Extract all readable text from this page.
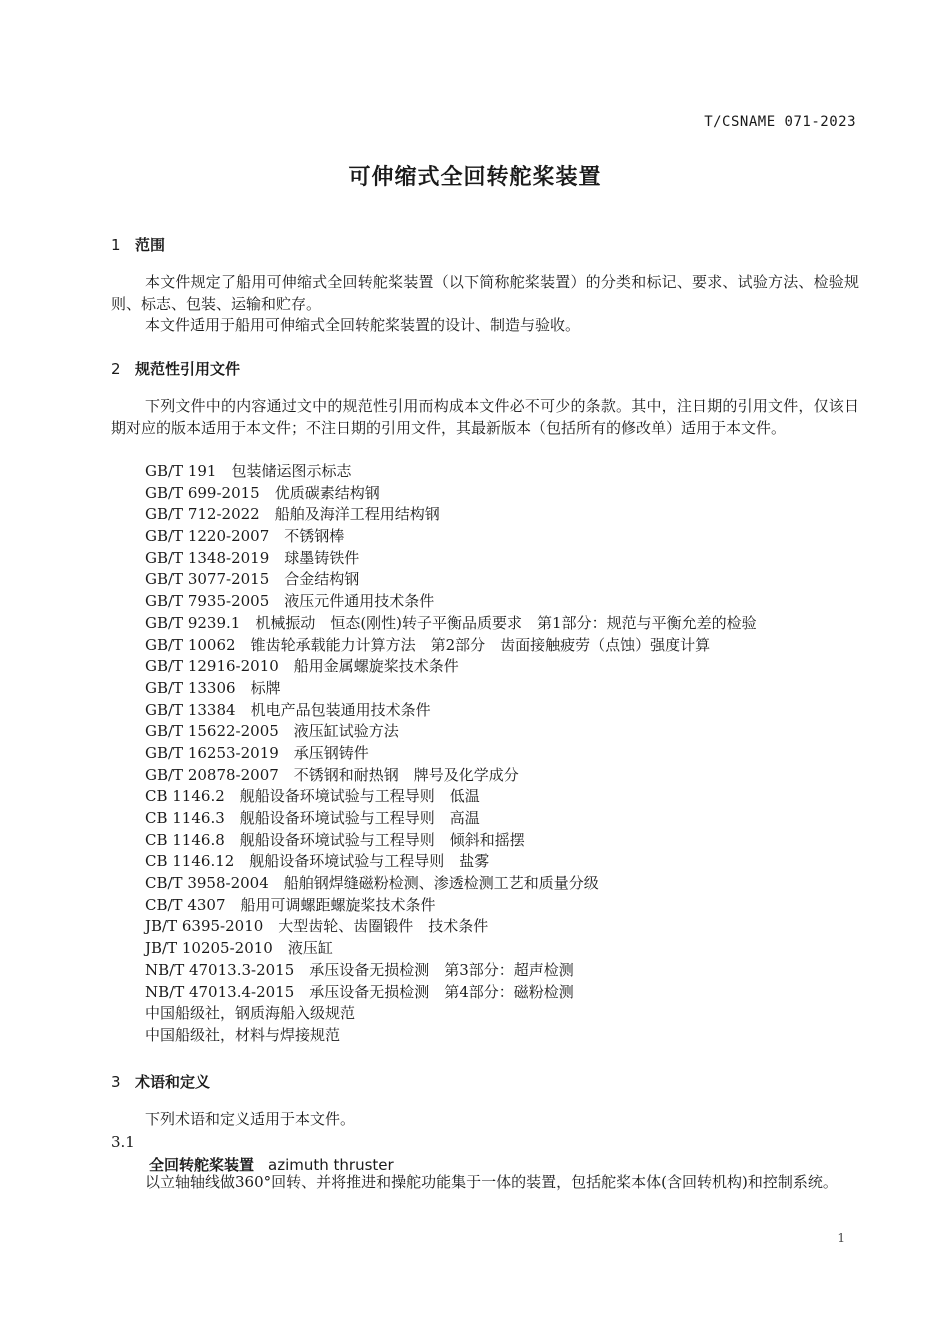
T/CSNAME 071-2023
可伸缩式全回转舵桨装置
1 范围

本文件规定了船用可伸缩式全回转舵桨装置（以下简称舵桨装置）的分类和标记、要求、试验方法、检验规则、标志、包装、运输和贮存。

本文件适用于船用可伸缩式全回转舵桨装置的设计、制造与验收。

2 规范性引用文件

下列文件中的内容通过文中的规范性引用而构成本文件必不可少的条款。其中，注日期的引用文件，仅该日期对应的版本适用于本文件；不注日期的引用文件，其最新版本（包括所有的修改单）适用于本文件。

GB/T 191 包装储运图示标志
GB/T 699-2015 优质碳素结构钢
GB/T 712-2022 船舶及海洋工程用结构钢
GB/T 1220-2007 不锈钢棒
GB/T 1348-2019 球墨铸铁件
GB/T 3077-2015 合金结构钢
GB/T 7935-2005 液压元件通用技术条件
GB/T 9239.1 机械振动　恒态(刚性)转子平衡品质要求　第1部分：规范与平衡允差的检验
GB/T 10062 锥齿轮承载能力计算方法　第2部分　齿面接触疲劳（点蚀）强度计算
GB/T 12916-2010 船用金属螺旋桨技术条件
GB/T 13306 标牌
GB/T 13384 机电产品包装通用技术条件
GB/T 15622-2005 液压缸试验方法
GB/T 16253-2019 承压钢铸件
GB/T 20878-2007 不锈钢和耐热钢　牌号及化学成分
CB 1146.2 舰船设备环境试验与工程导则　低温
CB 1146.3 舰船设备环境试验与工程导则　高温
CB 1146.8 舰船设备环境试验与工程导则　倾斜和摇摆
CB 1146.12 舰船设备环境试验与工程导则　盐雾
CB/T 3958-2004 船舶钢焊缝磁粉检测、渗透检测工艺和质量分级
CB/T 4307 船用可调螺距螺旋桨技术条件
JB/T 6395-2010 大型齿轮、齿圈锻件　技术条件
JB/T 10205-2010 液压缸
NB/T 47013.3-2015 承压设备无损检测　第3部分：超声检测
NB/T 47013.4-2015 承压设备无损检测　第4部分：磁粉检测
中国船级社，钢质海船入级规范
中国船级社，材料与焊接规范
3 术语和定义

下列术语和定义适用于本文件。

3.1
全回转舵桨装置 azimuth thruster

以立轴轴线做360°回转、并将推进和操舵功能集于一体的装置，包括舵桨本体(含回转机构)和控制系统。

1
